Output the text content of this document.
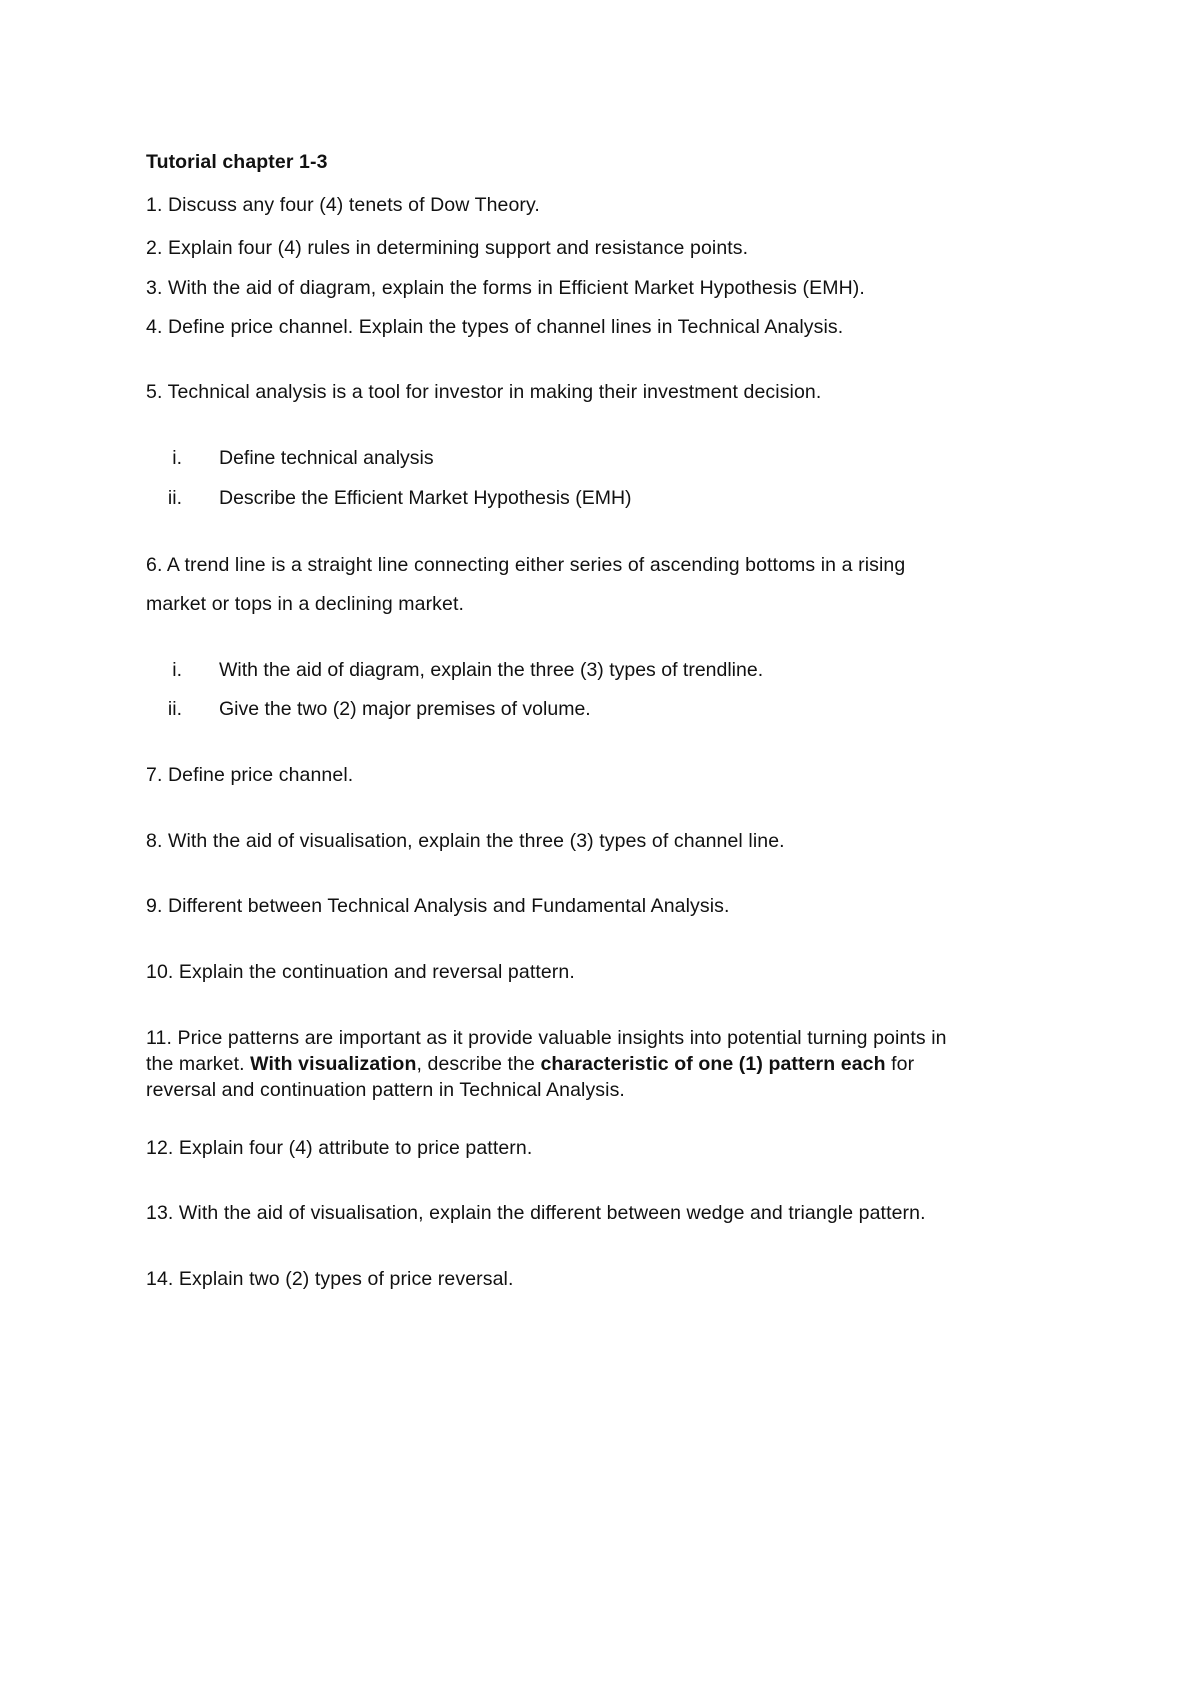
Tutorial chapter 1-3
1. Discuss any four (4) tenets of Dow Theory.
2. Explain four (4) rules in determining support and resistance points.
3. With the aid of diagram, explain the forms in Efficient Market Hypothesis (EMH).
4. Define price channel. Explain the types of channel lines in Technical Analysis.
5. Technical analysis is a tool for investor in making their investment decision.
i. Define technical analysis
ii. Describe the Efficient Market Hypothesis (EMH)
6. A trend line is a straight line connecting either series of ascending bottoms in a rising
market or tops in a declining market.
i. With the aid of diagram, explain the three (3) types of trendline.
ii. Give the two (2) major premises of volume.
7. Define price channel.
8. With the aid of visualisation, explain the three (3) types of channel line.
9. Different between Technical Analysis and Fundamental Analysis.
10. Explain the continuation and reversal pattern.
11. Price patterns are important as it provide valuable insights into potential turning points in
the market. With visualization, describe the characteristic of one (1) pattern each for
reversal and continuation pattern in Technical Analysis.
12. Explain four (4) attribute to price pattern.
13. With the aid of visualisation, explain the different between wedge and triangle pattern.
14. Explain two (2) types of price reversal.
